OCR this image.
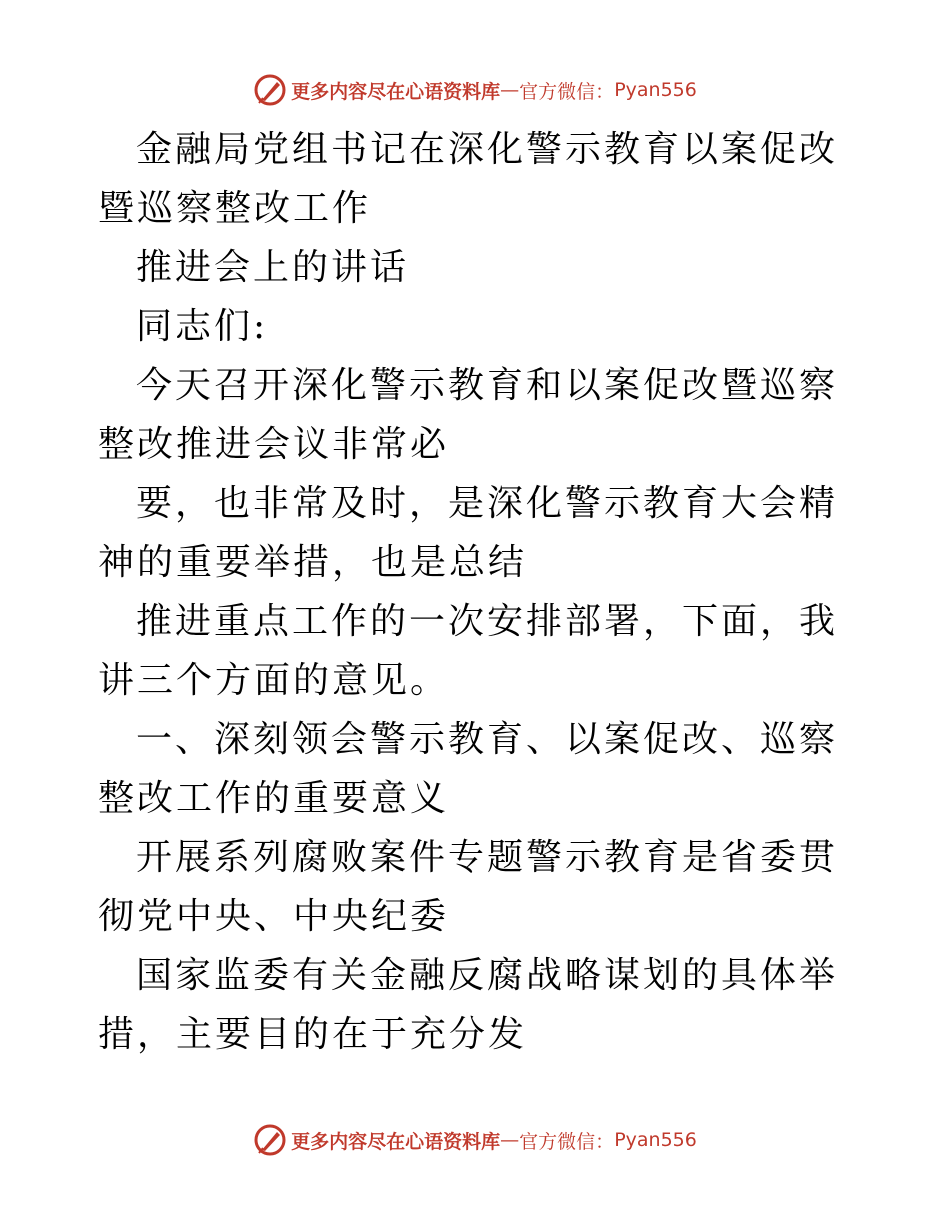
更多内容尽在心语资料库 — 官方微信： Pyan556

金融局党组书记在深化警示教育以案促改暨巡察整改工作

推进会上的讲话

同志们:

今天召开深化警示教育和以案促改暨巡察整改推进会议非常必

要，也非常及时，是深化警示教育大会精神的重要举措，也是总结

推进重点工作的一次安排部署，下面，我讲三个方面的意见。

一、深刻领会警示教育、以案促改、巡察整改工作的重要意义

开展系列腐败案件专题警示教育是省委贯彻党中央、中央纪委

国家监委有关金融反腐战略谋划的具体举措，主要目的在于充分发

更多内容尽在心语资料库 — 官方微信： Pyan556
